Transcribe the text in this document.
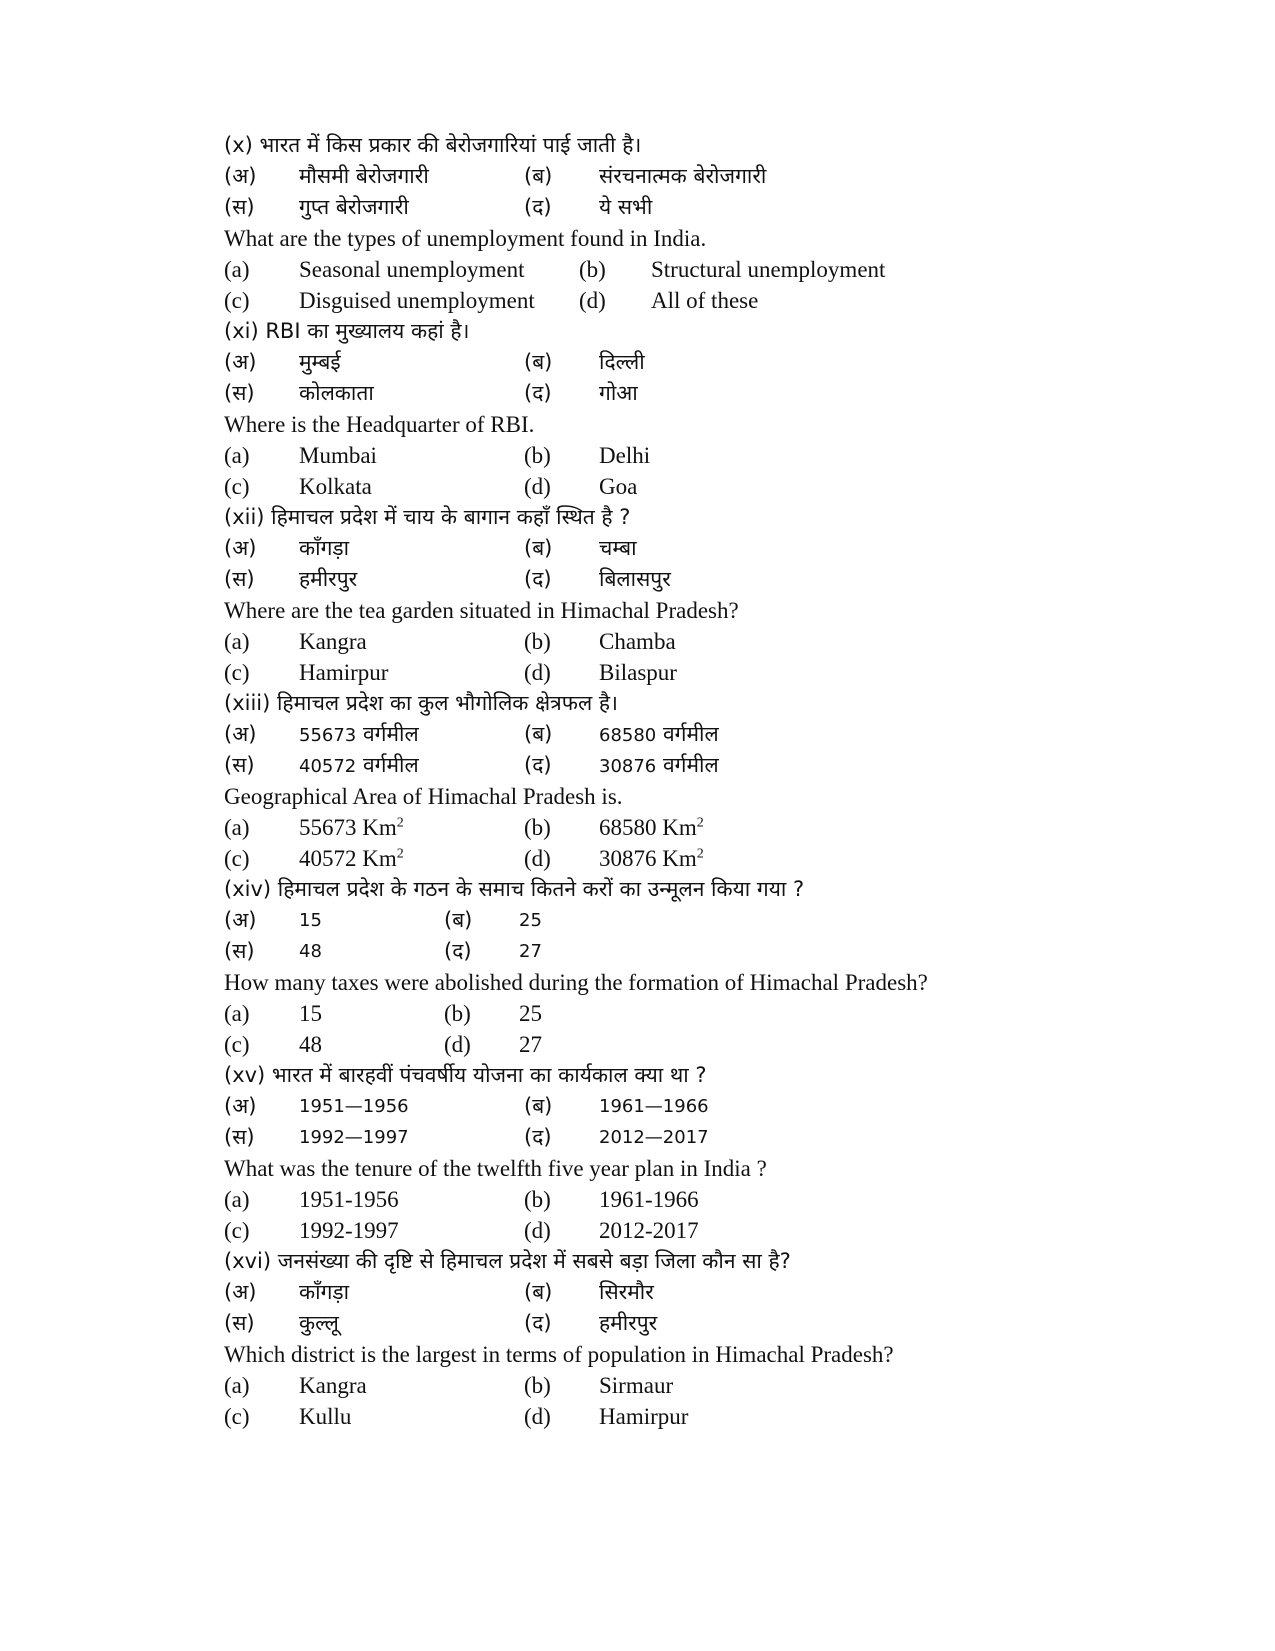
(x) भारत में किस प्रकार की बेरोजगारियां पाई जाती है।
(अ) मौसमी बेरोजगारी	(ब) संरचनात्मक बेरोजगारी
(स) गुप्त बेरोजगारी	(द) ये सभी
What are the types of unemployment found in India.
(a) Seasonal unemployment (b) Structural unemployment
(c) Disguised unemployment (d) All of these
(xi) RBI का मुख्यालय कहां है।
(अ) मुम्बई	(ब) दिल्ली
(स) कोलकाता	(द) गोआ
Where is the Headquarter of RBI.
(a) Mumbai	(b) Delhi
(c) Kolkata	(d) Goa
(xii) हिमाचल प्रदेश में चाय के बागान कहाँ स्थित है ?
(अ) काँगड़ा	(ब) चम्बा
(स) हमीरपुर	(द) बिलासपुर
Where are the tea garden situated in Himachal Pradesh?
(a) Kangra	(b) Chamba
(c) Hamirpur	(d) Bilaspur
(xiii) हिमाचल प्रदेश का कुल भौगोलिक क्षेत्रफल है।
(अ) 55673 वर्गमील	(ब)	68580 वर्गमील
(स) 40572 वर्गमील	(द)	30876 वर्गमील
Geographical Area of Himachal Pradesh is.
(a) 55673 Km$^2$	(b) 68580 Km$^2$
(c) 40572 Km$^2$	(d) 30876 Km$^2$
(xiv) हिमाचल प्रदेश के गठन के समाच कितने करों का उन्मूलन किया गया ?
(अ) 15	(ब)	25
(स) 48	(द)	27
How many taxes were abolished during the formation of Himachal Pradesh?
(a) 15	(b) 25
(c) 48	(d) 27
(xv) भारत में बारहवीं पंचवर्षीय योजना का कार्यकाल क्या था ?
(अ) 1951—1956	(ब)	1961—1966
(स) 1992—1997	(द)	2012—2017
What was the tenure of the twelfth five year plan in India ?
(a) 1951-1956	(b) 1961-1966
(c) 1992-1997	(d) 2012-2017
(xvi) जनसंख्या की दृष्टि से हिमाचल प्रदेश में सबसे बड़ा जिला कौन सा है?
(अ) काँगड़ा	(ब) सिरमौर
(स) कुल्लू	(द) हमीरपुर
Which district is the largest in terms of population in Himachal Pradesh?
(a) Kangra	(b) Sirmaur
(c) Kullu	(d) Hamirpur
